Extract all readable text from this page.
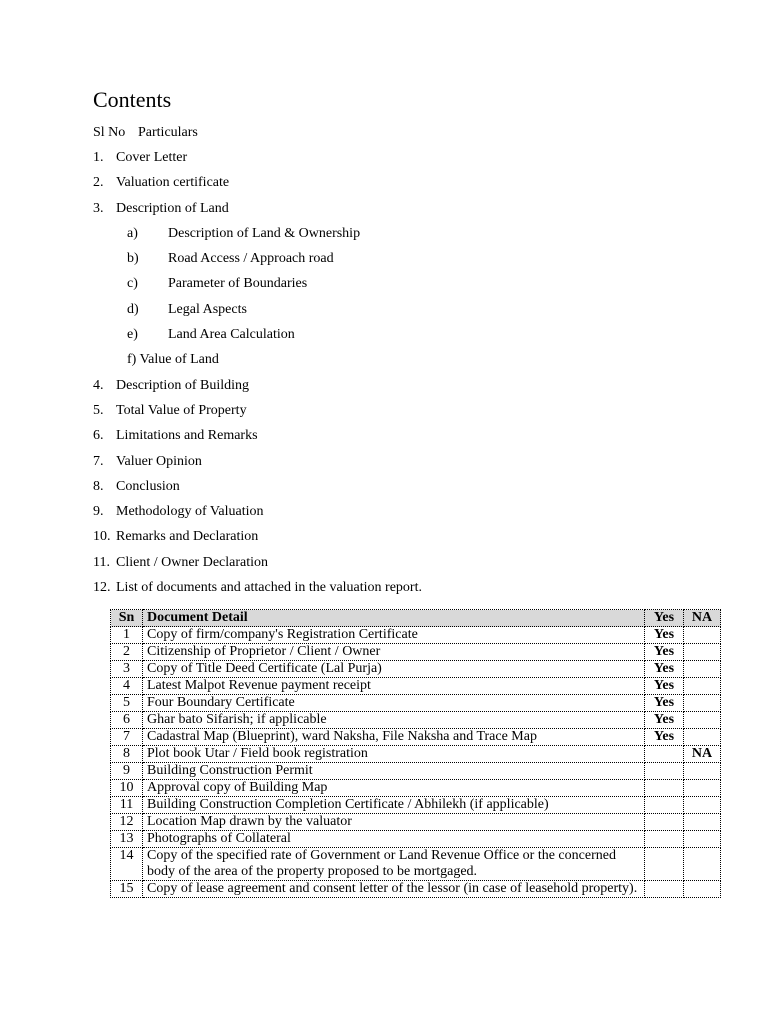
Contents
Sl No Particulars
1. Cover Letter
2. Valuation certificate
3. Description of Land
a) Description of Land & Ownership
b) Road Access / Approach road
c) Parameter of Boundaries
d) Legal Aspects
e) Land Area Calculation
f) Value of Land
4. Description of Building
5. Total Value of Property
6. Limitations and Remarks
7. Valuer Opinion
8. Conclusion
9. Methodology of Valuation
10. Remarks and Declaration
11. Client / Owner Declaration
12. List of documents and attached in the valuation report.
Sn	Document Detail	Yes	NA
1	Copy of firm/company's Registration Certificate	Yes	
2	Citizenship of Proprietor / Client / Owner	Yes	
3	Copy of Title Deed Certificate (Lal Purja)	Yes	
4	Latest Malpot Revenue payment receipt	Yes	
5	Four Boundary Certificate	Yes	
6	Ghar bato Sifarish; if applicable	Yes	
7	Cadastral Map (Blueprint), ward Naksha, File Naksha and Trace Map	Yes	
8	Plot book Utar / Field book registration		NA
9	Building Construction Permit		
10	Approval copy of Building Map		
11	Building Construction Completion Certificate / Abhilekh (if applicable)		
12	Location Map drawn by the valuator		
13	Photographs of Collateral		
14	Copy of the specified rate of Government or Land Revenue Office or the concerned body of the area of the property proposed to be mortgaged.		
15	Copy of lease agreement and consent letter of the lessor (in case of leasehold property).		
